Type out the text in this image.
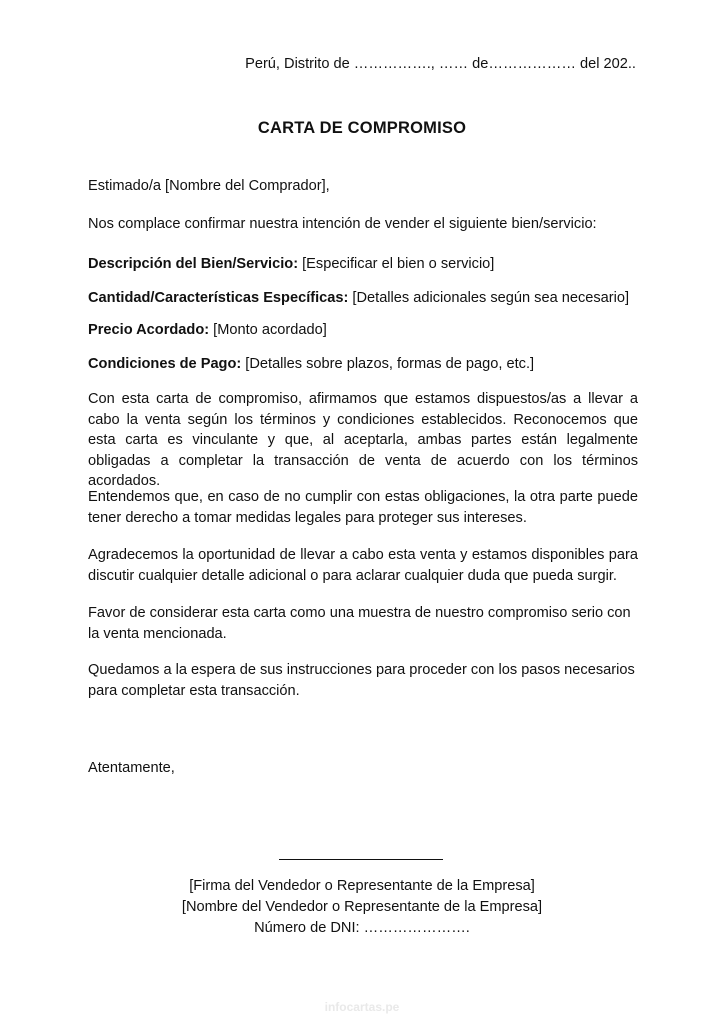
Perú, Distrito de ……………., …… de……………… del 202..
CARTA DE COMPROMISO

Estimado/a [Nombre del Comprador],

Nos complace confirmar nuestra intención de vender el siguiente bien/servicio:

Descripción del Bien/Servicio: [Especificar el bien o servicio]

Cantidad/Características Específicas: [Detalles adicionales según sea necesario]

Precio Acordado: [Monto acordado]

Condiciones de Pago: [Detalles sobre plazos, formas de pago, etc.]

Con esta carta de compromiso, afirmamos que estamos dispuestos/as a llevar a cabo la venta según los términos y condiciones establecidos. Reconocemos que esta carta es vinculante y que, al aceptarla, ambas partes están legalmente obligadas a completar la transacción de venta de acuerdo con los términos acordados.

Entendemos que, en caso de no cumplir con estas obligaciones, la otra parte puede tener derecho a tomar medidas legales para proteger sus intereses.

Agradecemos la oportunidad de llevar a cabo esta venta y estamos disponibles para discutir cualquier detalle adicional o para aclarar cualquier duda que pueda surgir.

Favor de considerar esta carta como una muestra de nuestro compromiso serio con la venta mencionada.

Quedamos a la espera de sus instrucciones para proceder con los pasos necesarios para completar esta transacción.

Atentamente,

[Firma del Vendedor o Representante de la Empresa]
[Nombre del Vendedor o Representante de la Empresa]
Número de DNI: ………………….
infocartas.pe
